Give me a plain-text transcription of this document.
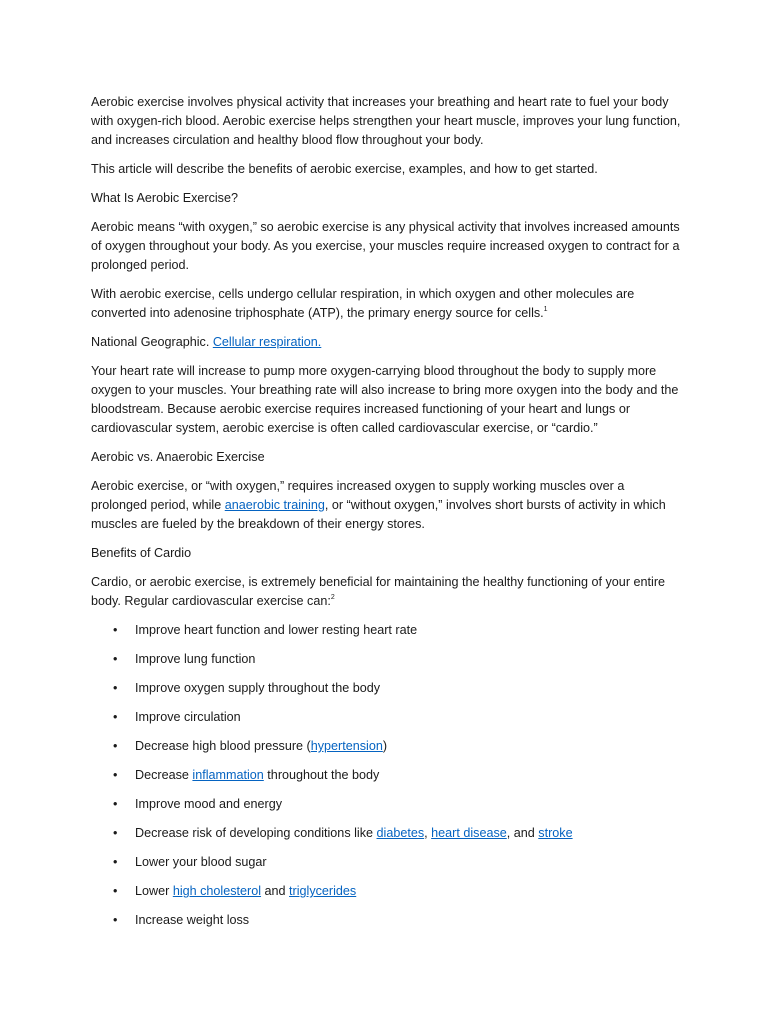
Aerobic exercise involves physical activity that increases your breathing and heart rate to fuel your body with oxygen-rich blood. Aerobic exercise helps strengthen your heart muscle, improves your lung function, and increases circulation and healthy blood flow throughout your body.

This article will describe the benefits of aerobic exercise, examples, and how to get started.

What Is Aerobic Exercise?

Aerobic means “with oxygen,” so aerobic exercise is any physical activity that involves increased amounts of oxygen throughout your body. As you exercise, your muscles require increased oxygen to contract for a prolonged period.

With aerobic exercise, cells undergo cellular respiration, in which oxygen and other molecules are converted into adenosine triphosphate (ATP), the primary energy source for cells.$^1$

National Geographic. Cellular respiration.

Your heart rate will increase to pump more oxygen-carrying blood throughout the body to supply more oxygen to your muscles. Your breathing rate will also increase to bring more oxygen into the body and the bloodstream. Because aerobic exercise requires increased functioning of your heart and lungs or cardiovascular system, aerobic exercise is often called cardiovascular exercise, or “cardio.”

Aerobic vs. Anaerobic Exercise

Aerobic exercise, or “with oxygen,” requires increased oxygen to supply working muscles over a prolonged period, while anaerobic training, or “without oxygen,” involves short bursts of activity in which muscles are fueled by the breakdown of their energy stores.

Benefits of Cardio

Cardio, or aerobic exercise, is extremely beneficial for maintaining the healthy functioning of your entire body. Regular cardiovascular exercise can:$^2$

• Improve heart function and lower resting heart rate
• Improve lung function
• Improve oxygen supply throughout the body
• Improve circulation
• Decrease high blood pressure (hypertension)
• Decrease inflammation throughout the body
• Improve mood and energy
• Decrease risk of developing conditions like diabetes, heart disease, and stroke
• Lower your blood sugar
• Lower high cholesterol and triglycerides
• Increase weight loss
